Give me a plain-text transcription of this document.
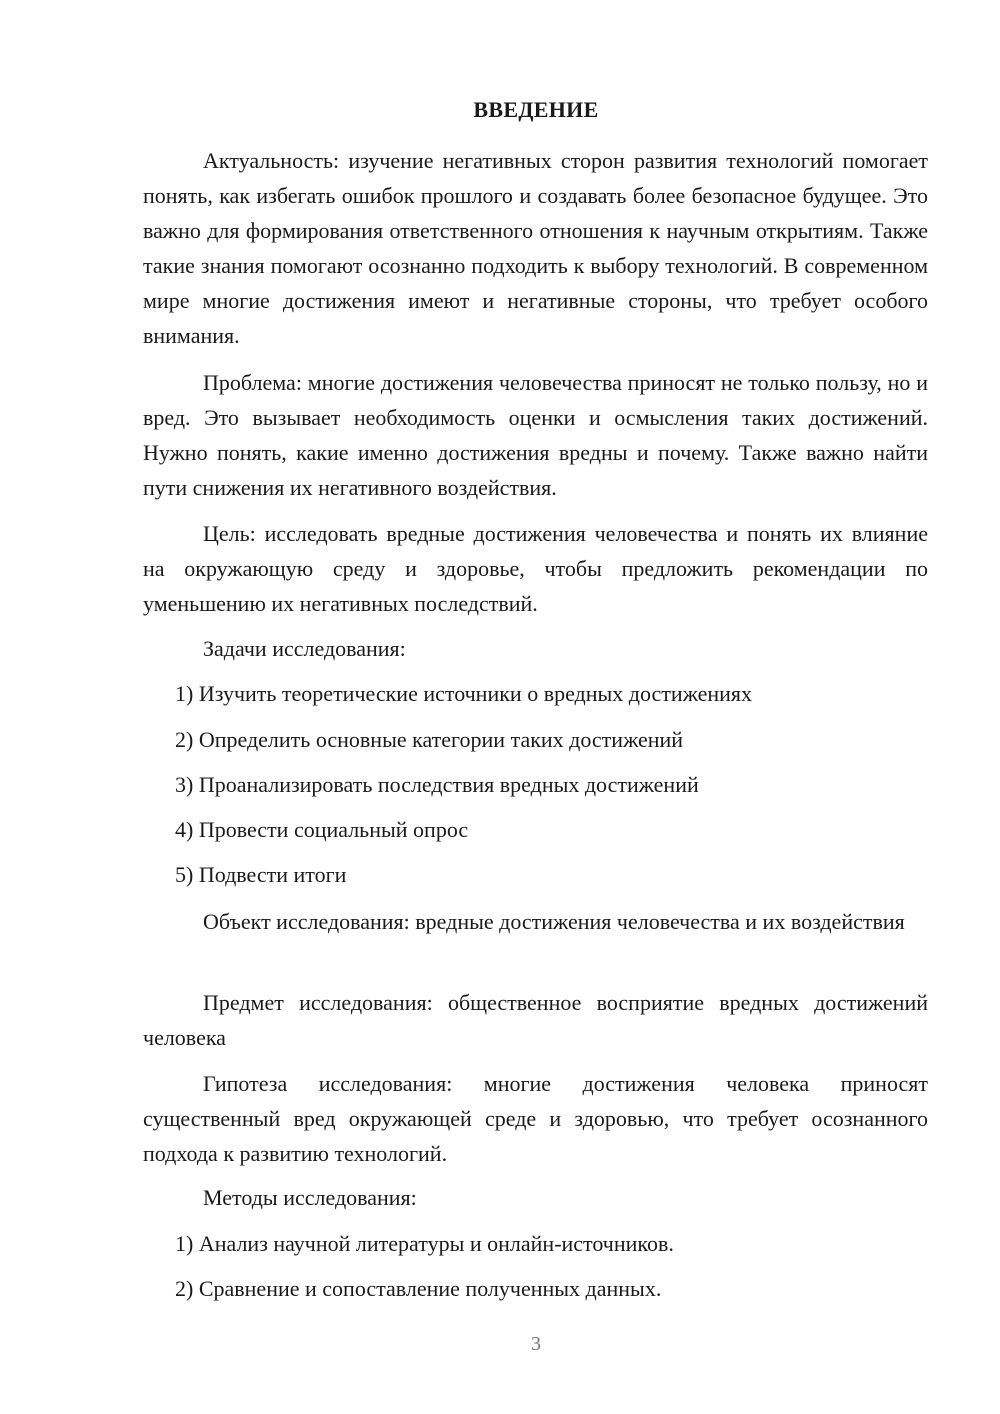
ВВЕДЕНИЕ

Актуальность: изучение негативных сторон развития технологий помогает понять, как избегать ошибок прошлого и создавать более безопасное будущее. Это важно для формирования ответственного отношения к научным открытиям. Также такие знания помогают осознанно подходить к выбору технологий. В современном мире многие достижения имеют и негативные стороны, что требует особого внимания.

Проблема: многие достижения человечества приносят не только пользу, но и вред. Это вызывает необходимость оценки и осмысления таких достижений. Нужно понять, какие именно достижения вредны и почему. Также важно найти пути снижения их негативного воздействия.

Цель: исследовать вредные достижения человечества и понять их влияние на окружающую среду и здоровье, чтобы предложить рекомендации по уменьшению их негативных последствий.

Задачи исследования:

1) Изучить теоретические источники о вредных достижениях

2) Определить основные категории таких достижений

3) Проанализировать последствия вредных достижений

4) Провести социальный опрос

5) Подвести итоги

Объект исследования: вредные достижения человечества и их воздействия

Предмет исследования: общественное восприятие вредных достижений человека

Гипотеза исследования: многие достижения человека приносят существенный вред окружающей среде и здоровью, что требует осознанного подхода к развитию технологий.

Методы исследования:

1) Анализ научной литературы и онлайн-источников.

2) Сравнение и сопоставление полученных данных.

3
